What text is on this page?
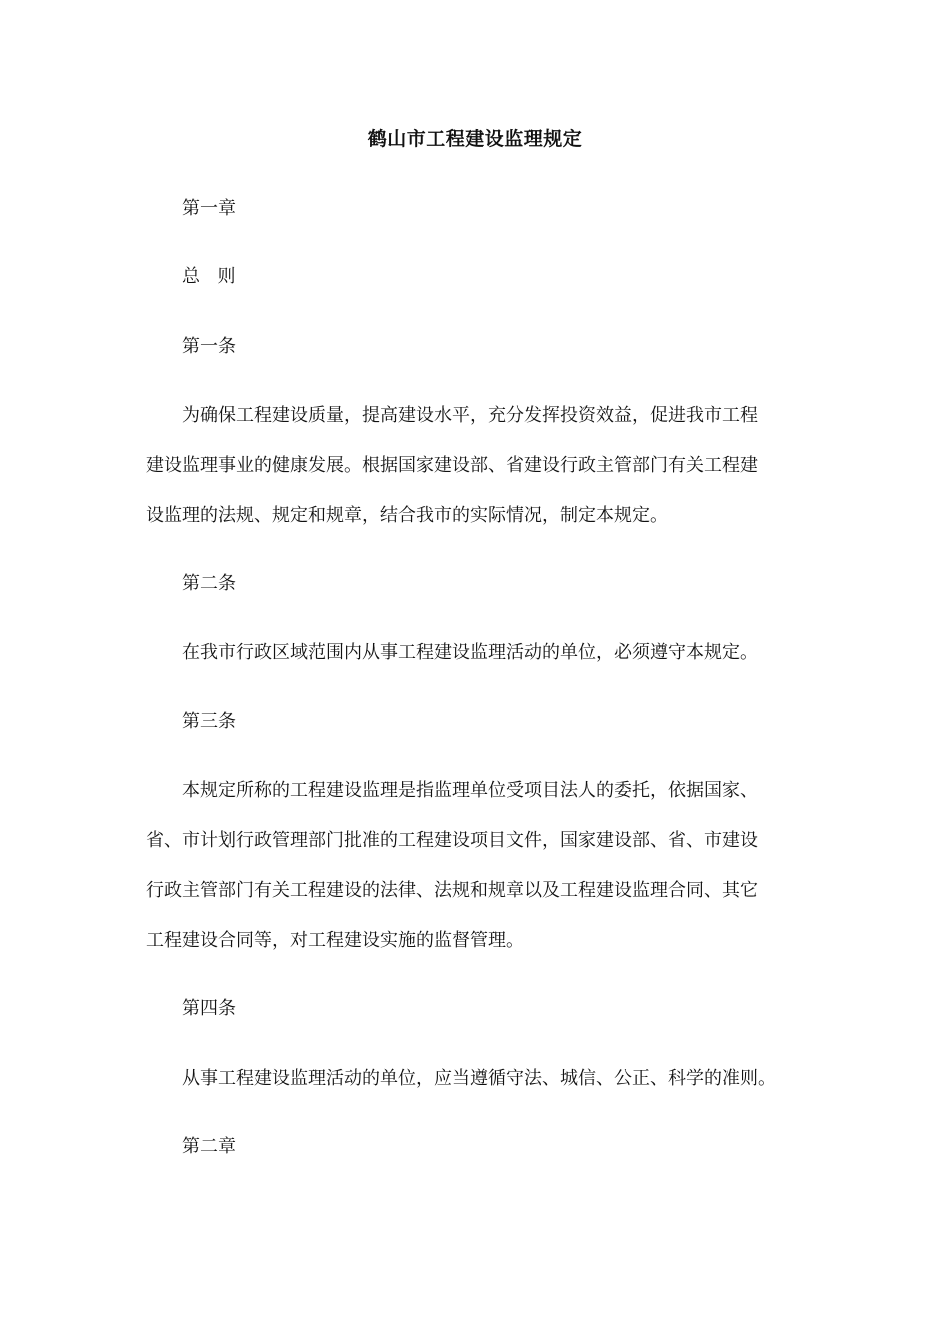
鹤山市工程建设监理规定
第一章
总  则
第一条
为确保工程建设质量，提高建设水平，充分发挥投资效益，促进我市工程
建设监理事业的健康发展。根据国家建设部、省建设行政主管部门有关工程建
设监理的法规、规定和规章，结合我市的实际情况，制定本规定。
第二条
在我市行政区域范围内从事工程建设监理活动的单位，必须遵守本规定。
第三条
本规定所称的工程建设监理是指监理单位受项目法人的委托，依据国家、
省、市计划行政管理部门批准的工程建设项目文件，国家建设部、省、市建设
行政主管部门有关工程建设的法律、法规和规章以及工程建设监理合同、其它
工程建设合同等，对工程建设实施的监督管理。
第四条
从事工程建设监理活动的单位，应当遵循守法、城信、公正、科学的准则。
第二章
